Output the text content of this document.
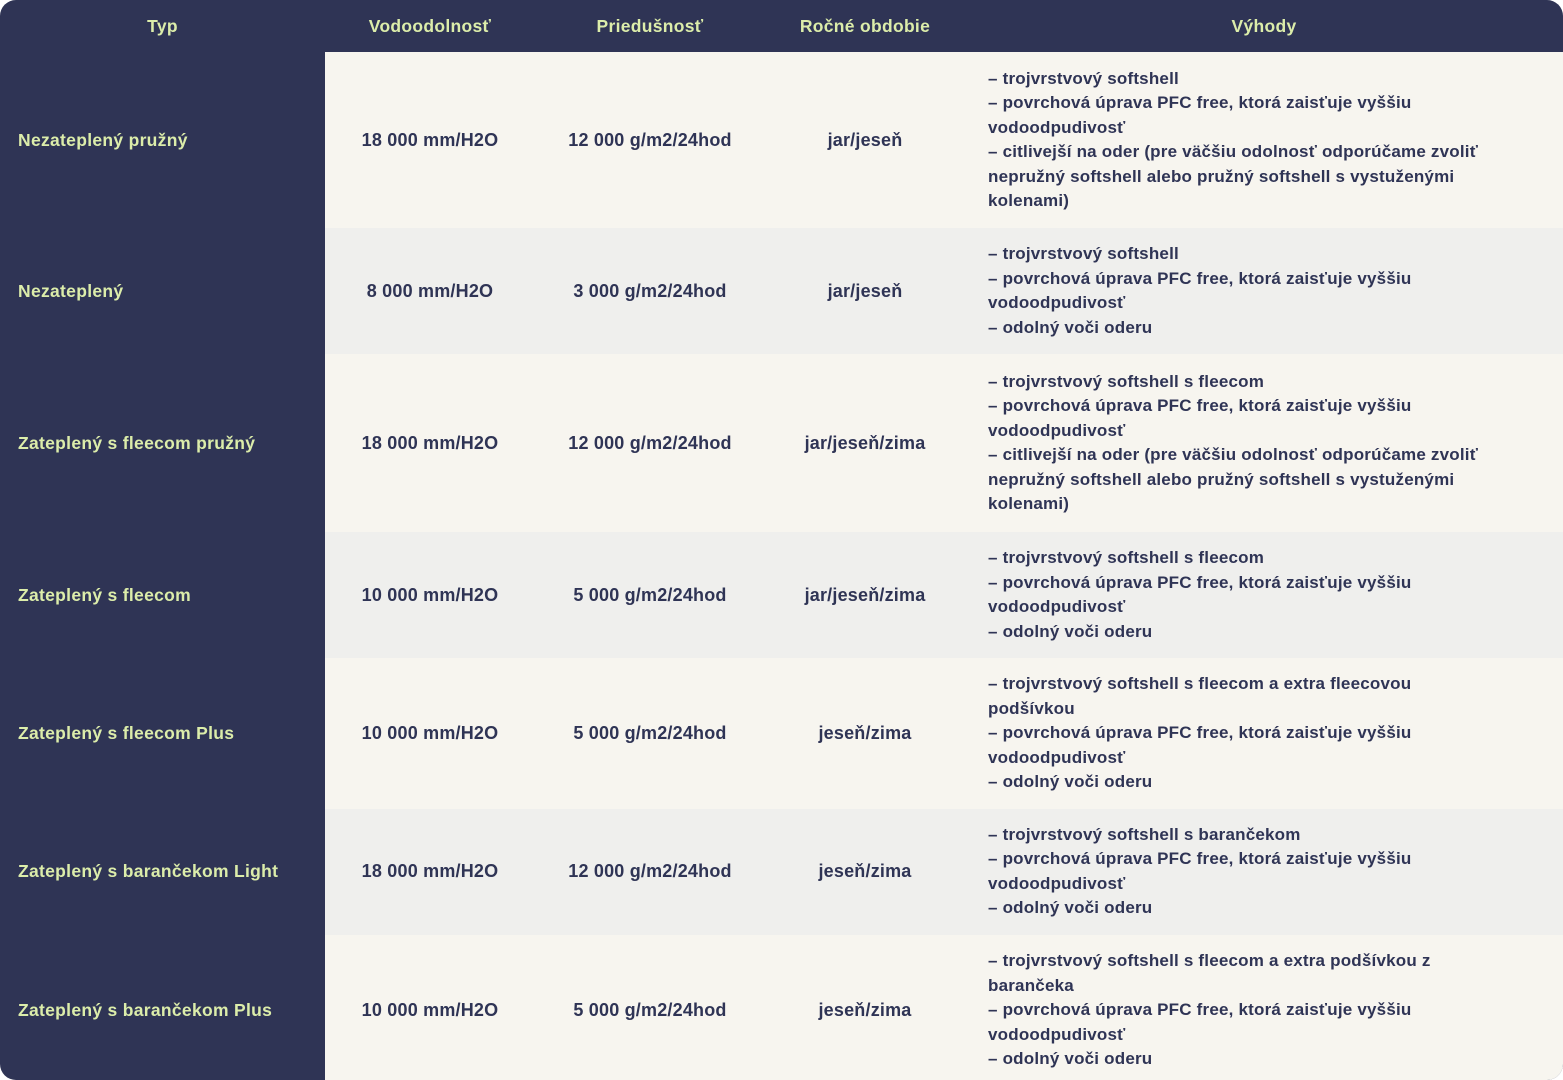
Typ	Vodoodolnosť	Priedušnosť	Ročné obdobie	Výhody
Nezateplený pružný	18 000 mm/H2O	12 000 g/m2/24hod	jar/jeseň
– trojvrstvový softshell
– povrchová úprava PFC free, ktorá zaisťuje vyššiu vodoodpudivosť
– citlivejší na oder (pre väčšiu odolnosť odporúčame zvoliť nepružný softshell alebo pružný softshell s vystuženými kolenami)
Nezateplený	8 000 mm/H2O	3 000 g/m2/24hod	jar/jeseň
– trojvrstvový softshell
– povrchová úprava PFC free, ktorá zaisťuje vyššiu vodoodpudivosť
– odolný voči oderu
Zateplený s fleecom pružný	18 000 mm/H2O	12 000 g/m2/24hod	jar/jeseň/zima
– trojvrstvový softshell s fleecom
– povrchová úprava PFC free, ktorá zaisťuje vyššiu vodoodpudivosť
– citlivejší na oder (pre väčšiu odolnosť odporúčame zvoliť nepružný softshell alebo pružný softshell s vystuženými kolenami)
Zateplený s fleecom	10 000 mm/H2O	5 000 g/m2/24hod	jar/jeseň/zima
– trojvrstvový softshell s fleecom
– povrchová úprava PFC free, ktorá zaisťuje vyššiu vodoodpudivosť
– odolný voči oderu
Zateplený s fleecom Plus	10 000 mm/H2O	5 000 g/m2/24hod	jeseň/zima
– trojvrstvový softshell s fleecom a extra fleecovou podšívkou
– povrchová úprava PFC free, ktorá zaisťuje vyššiu vodoodpudivosť
– odolný voči oderu
Zateplený s barančekom Light	18 000 mm/H2O	12 000 g/m2/24hod	jeseň/zima
– trojvrstvový softshell s barančekom
– povrchová úprava PFC free, ktorá zaisťuje vyššiu vodoodpudivosť
– odolný voči oderu
Zateplený s barančekom Plus	10 000 mm/H2O	5 000 g/m2/24hod	jeseň/zima
– trojvrstvový softshell s fleecom a extra podšívkou z barančeka
– povrchová úprava PFC free, ktorá zaisťuje vyššiu vodoodpudivosť
– odolný voči oderu
